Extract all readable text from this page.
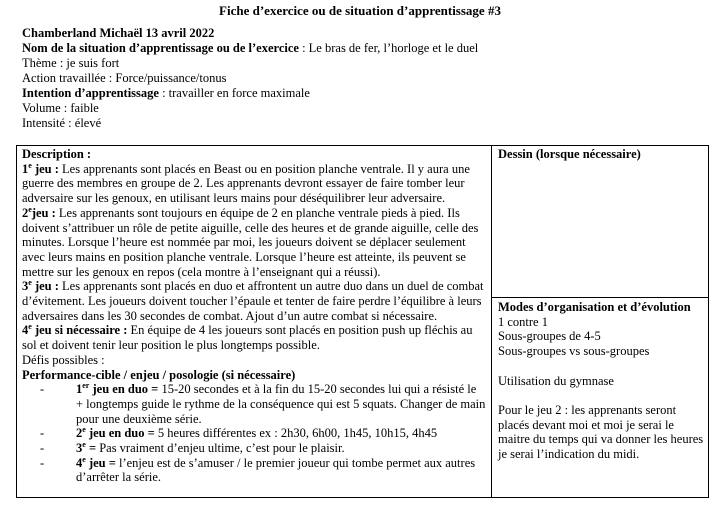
Fiche d’exercice ou de situation d’apprentissage #3
Chamberland Michaël 13 avril 2022
Nom de la situation d’apprentissage ou de l’exercice : Le bras de fer, l’horloge et le duel
Thème : je suis fort
Action travaillée : Force/puissance/tonus
Intention d’apprentissage : travailler en force maximale
Volume : faible
Intensité : élevé
Description :
1e jeu : Les apprenants sont placés en Beast ou en position planche ventrale. Il y aura une guerre des membres en groupe de 2. Les apprenants devront essayer de faire tomber leur adversaire sur les genoux, en utilisant leurs mains pour déséquilibrer leur adversaire.
2ejeu : Les apprenants sont toujours en équipe de 2 en planche ventrale pieds à pied. Ils doivent s’attribuer un rôle de petite aiguille, celle des heures et de grande aiguille, celle des minutes. Lorsque l’heure est nommée par moi, les joueurs doivent se déplacer seulement avec leurs mains en position planche ventrale. Lorsque l’heure est atteinte, ils peuvent se mettre sur les genoux en repos (cela montre à l’enseignant qui a réussi).
3e jeu : Les apprenants sont placés en duo et affrontent un autre duo dans un duel de combat d’évitement. Les joueurs doivent toucher l’épaule et tenter de faire perdre l’équilibre à leurs adversaires dans les 30 secondes de combat. Ajout d’un autre combat si nécessaire.
4e jeu si nécessaire : En équipe de 4 les joueurs sont placés en position push up fléchis au sol et doivent tenir leur position le plus longtemps possible.
Défis possibles :
Performance-cible / enjeu / posologie (si nécessaire)
-	1er jeu en duo = 15-20 secondes et à la fin du 15-20 secondes lui qui a résisté le + longtemps guide le rythme de la conséquence qui est 5 squats. Changer de main pour une deuxième série.
-	2e jeu en duo = 5 heures différentes ex : 2h30, 6h00, 1h45, 10h15, 4h45
-	$3^e$ = Pas vraiment d’enjeu ultime, c’est pour le plaisir.
-	4e jeu = l’enjeu est de s’amuser / le premier joueur qui tombe permet aux autres d’arrêter la série.
Dessin (lorsque nécessaire)
Modes d’organisation et d’évolution
1 contre 1
Sous-groupes de 4-5
Sous-groupes vs sous-groupes
Utilisation du gymnase
Pour le jeu 2 : les apprenants seront placés devant moi et moi je serai le maitre du temps qui va donner les heures je serai l’indication du midi.
